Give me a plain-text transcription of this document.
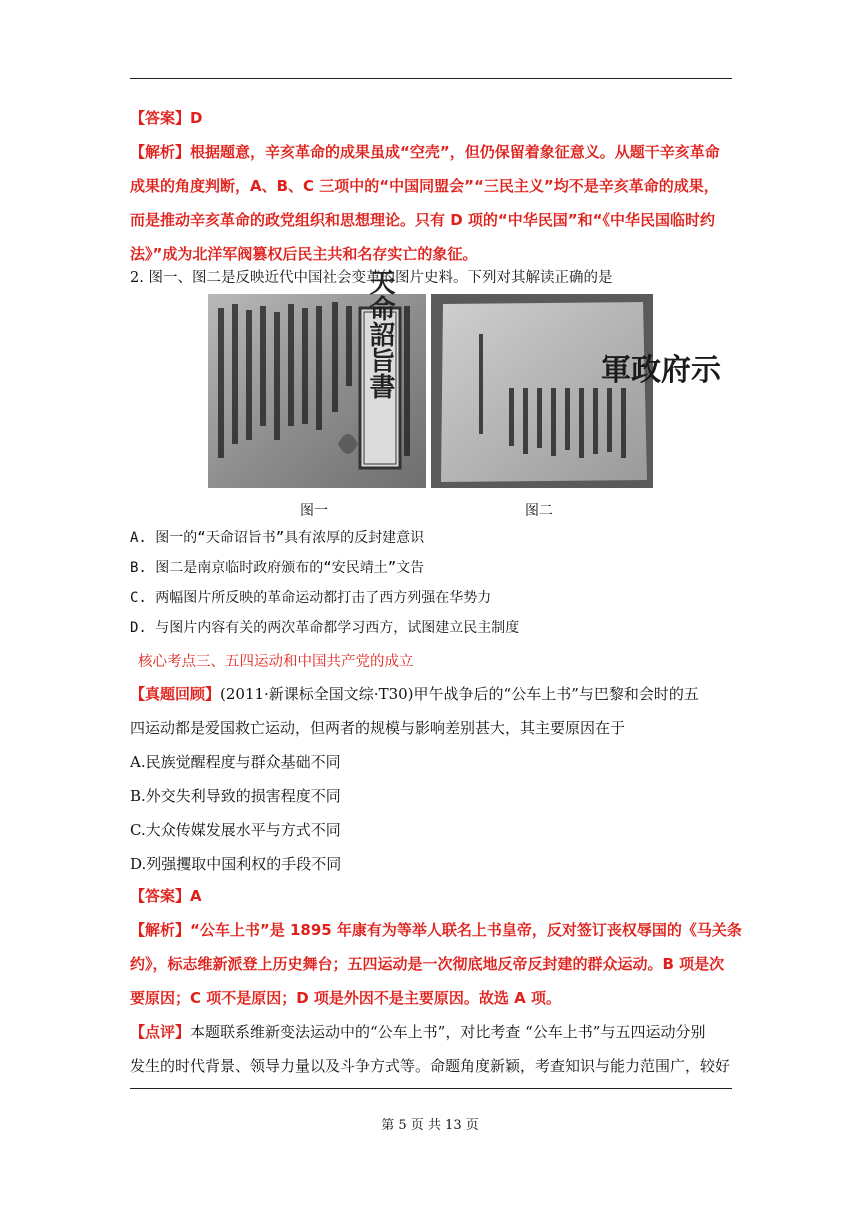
【答案】D
【解析】根据题意，辛亥革命的成果虽成“空壳”，但仍保留着象征意义。从题干辛亥革命
成果的角度判断，A、B、C 三项中的“中国同盟会”“三民主义”均不是辛亥革命的成果，
而是推动辛亥革命的政党组织和思想理论。只有 D 项的“中华民国”和“《中华民国临时约
法》”成为北洋军阀篡权后民主共和名存实亡的象征。
2. 图一、图二是反映近代中国社会变革的图片史料。下列对其解读正确的是
天命詔旨書	軍政府示
图一	图二
A. 图一的“天命诏旨书”具有浓厚的反封建意识
B. 图二是南京临时政府颁布的“安民靖土”文告
C. 两幅图片所反映的革命运动都打击了西方列强在华势力
D. 与图片内容有关的两次革命都学习西方，试图建立民主制度
核心考点三、五四运动和中国共产党的成立
【真题回顾】(2011·新课标全国文综·T30)甲午战争后的“公车上书”与巴黎和会时的五
四运动都是爱国救亡运动，但两者的规模与影响差别甚大，其主要原因在于
A.民族觉醒程度与群众基础不同
B.外交失利导致的损害程度不同
C.大众传媒发展水平与方式不同
D.列强攫取中国利权的手段不同
【答案】A
【解析】“公车上书”是 1895 年康有为等举人联名上书皇帝，反对签订丧权辱国的《马关条
约》，标志维新派登上历史舞台；五四运动是一次彻底地反帝反封建的群众运动。B 项是次
要原因；C 项不是原因；D 项是外因不是主要原因。故选 A 项。
【点评】本题联系维新变法运动中的“公车上书”，对比考查 “公车上书”与五四运动分别
发生的时代背景、领导力量以及斗争方式等。命题角度新颖，考查知识与能力范围广，较好
第 5 页 共 13 页
